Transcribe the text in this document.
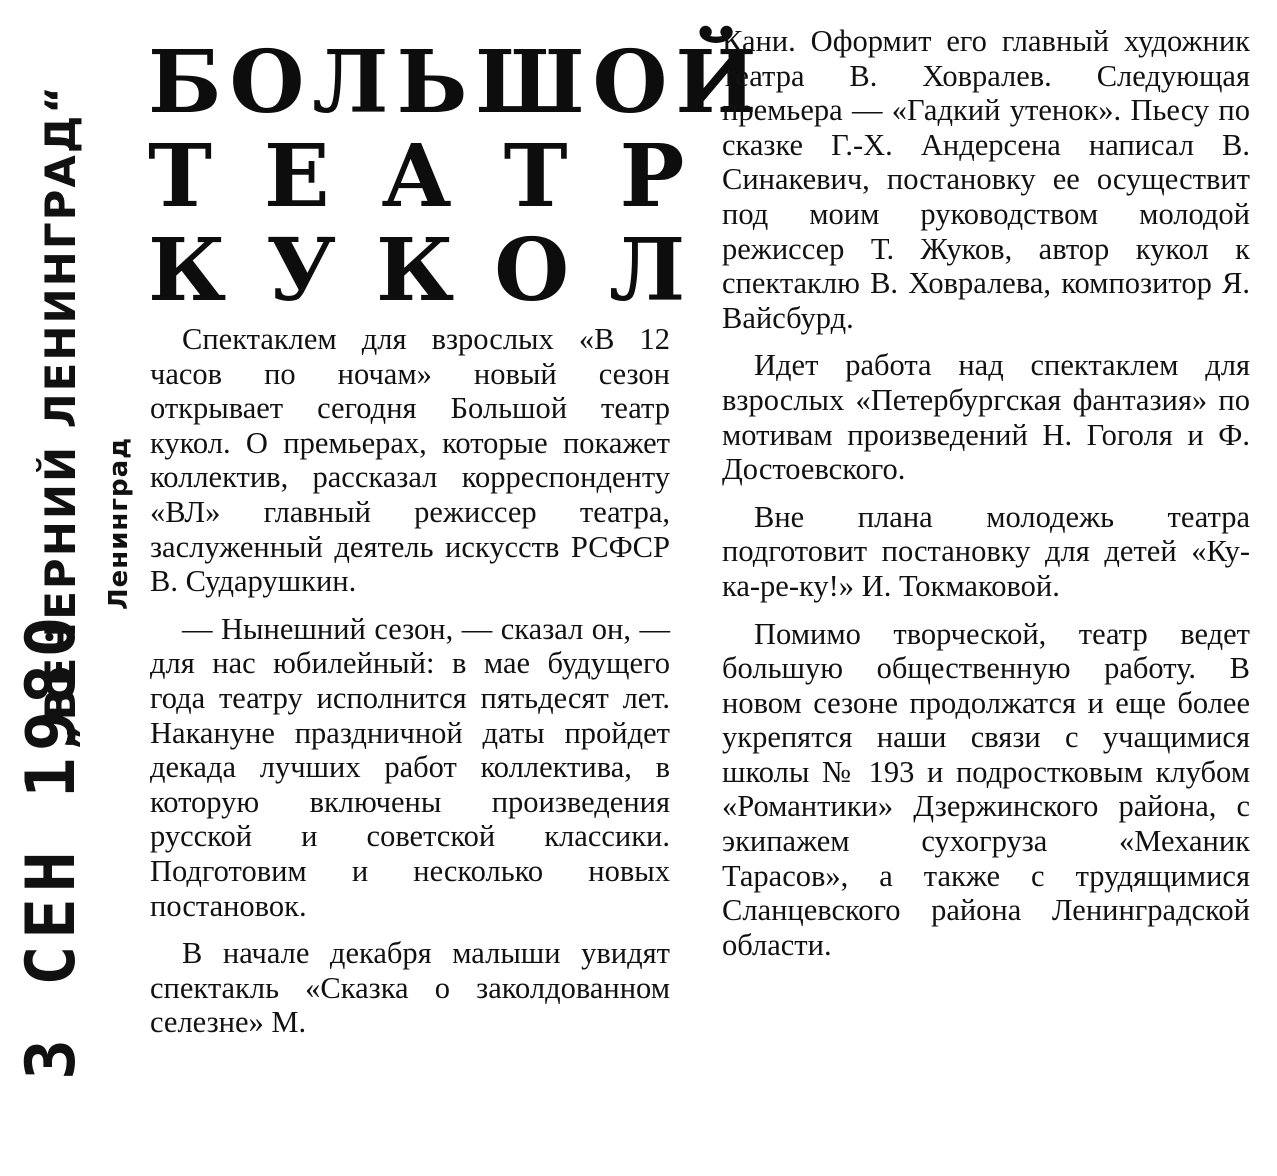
3 СЕН 1980
„ВЕЧЕРНИЙ ЛЕНИНГРАД“ Ленинград
БОЛЬШОЙ
ТЕАТР
КУКОЛ

Спектаклем для взрослых «В 12 часов по ночам» новый сезон открывает сегодня Большой театр кукол. О премьерах, которые покажет коллектив, рассказал корреспонденту «ВЛ» главный режиссер театра, заслуженный деятель искусств РСФСР В. Сударушкин.

— Нынешний сезон, — сказал он, — для нас юбилейный: в мае будущего года театру исполнится пятьдесят лет. Накануне праздничной даты пройдет декада лучших работ коллектива, в которую включены произведения русской и советской классики. Подготовим и несколько новых постановок.

В начале декабря малыши увидят спектакль «Сказка о заколдованном селезне» М.

Кани. Оформит его главный художник театра В. Ховралев. Следующая премьера — «Гадкий утенок». Пьесу по сказке Г.-Х. Андерсена написал В. Синакевич, постановку ее осуществит под моим руководством молодой режиссер Т. Жуков, автор кукол к спектаклю В. Ховралева, композитор Я. Вайсбурд.

Идет работа над спектаклем для взрослых «Петербургская фантазия» по мотивам произведений Н. Гоголя и Ф. Достоевского.

Вне плана молодежь театра подготовит постановку для детей «Ку-ка-ре-ку!» И. Токмаковой.

Помимо творческой, театр ведет большую общественную работу. В новом сезоне продолжатся и еще более укрепятся наши связи с учащимися школы № 193 и подростковым клубом «Романтики» Дзержинского района, с экипажем сухогруза «Механик Тарасов», а также с трудящимися Сланцевского района Ленинградской области.
